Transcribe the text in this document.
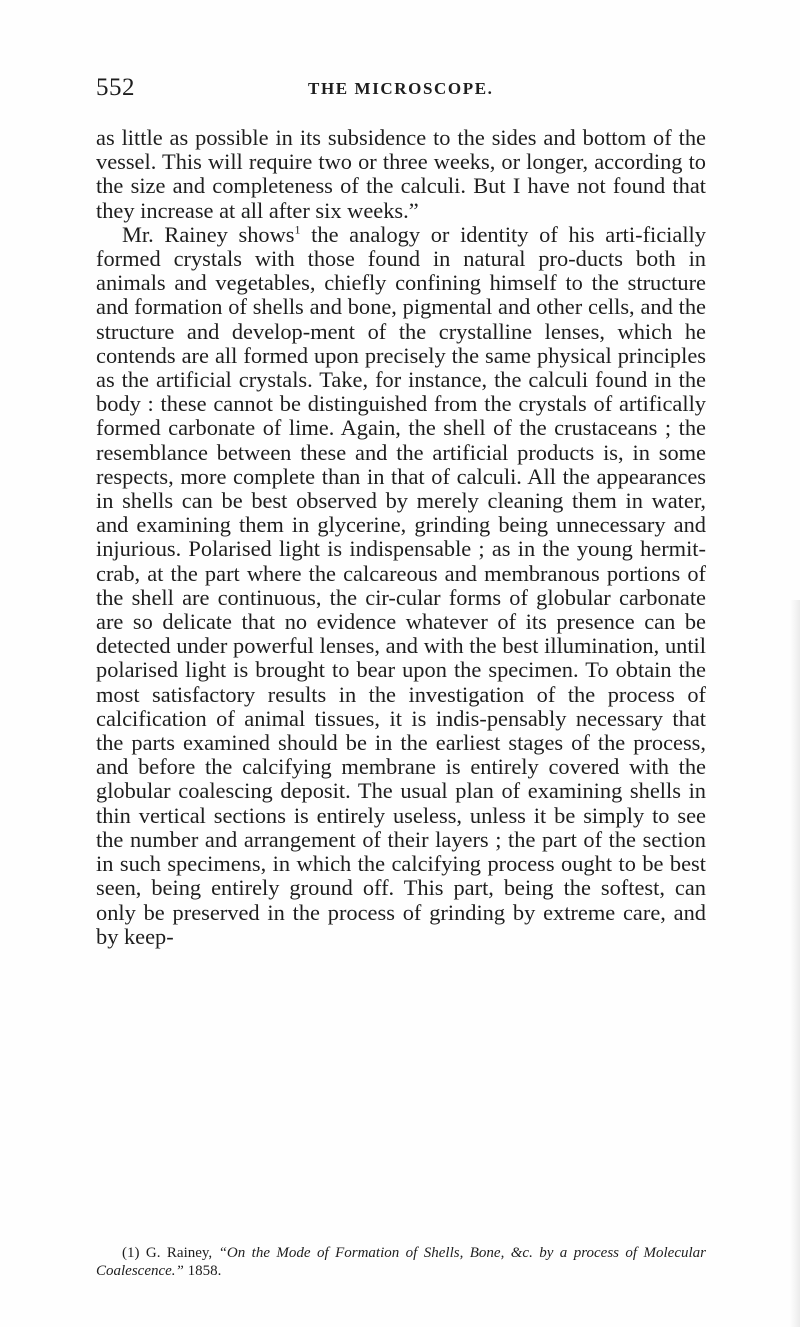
552	THE MICROSCOPE.

as little as possible in its subsidence to the sides and bottom of the vessel. This will require two or three weeks, or longer, according to the size and completeness of the calculi. But I have not found that they increase at all after six weeks.”

Mr. Rainey shows$^1$ the analogy or identity of his arti-ficially formed crystals with those found in natural pro-ducts both in animals and vegetables, chiefly confining himself to the structure and formation of shells and bone, pigmental and other cells, and the structure and develop-ment of the crystalline lenses, which he contends are all formed upon precisely the same physical principles as the artificial crystals. Take, for instance, the calculi found in the body : these cannot be distinguished from the crystals of artifically formed carbonate of lime. Again, the shell of the crustaceans ; the resemblance between these and the artificial products is, in some respects, more complete than in that of calculi. All the appearances in shells can be best observed by merely cleaning them in water, and examining them in glycerine, grinding being unnecessary and injurious. Polarised light is indispensable ; as in the young hermit-crab, at the part where the calcareous and membranous portions of the shell are continuous, the cir-cular forms of globular carbonate are so delicate that no evidence whatever of its presence can be detected under powerful lenses, and with the best illumination, until polarised light is brought to bear upon the specimen. To obtain the most satisfactory results in the investigation of the process of calcification of animal tissues, it is indis-pensably necessary that the parts examined should be in the earliest stages of the process, and before the calcifying membrane is entirely covered with the globular coalescing deposit. The usual plan of examining shells in thin vertical sections is entirely useless, unless it be simply to see the number and arrangement of their layers ; the part of the section in such specimens, in which the calcifying process ought to be best seen, being entirely ground off. This part, being the softest, can only be preserved in the process of grinding by extreme care, and by keep-

(1) G. Rainey, “On the Mode of Formation of Shells, Bone, &c. by a process of Molecular Coalescence.” 1858.
